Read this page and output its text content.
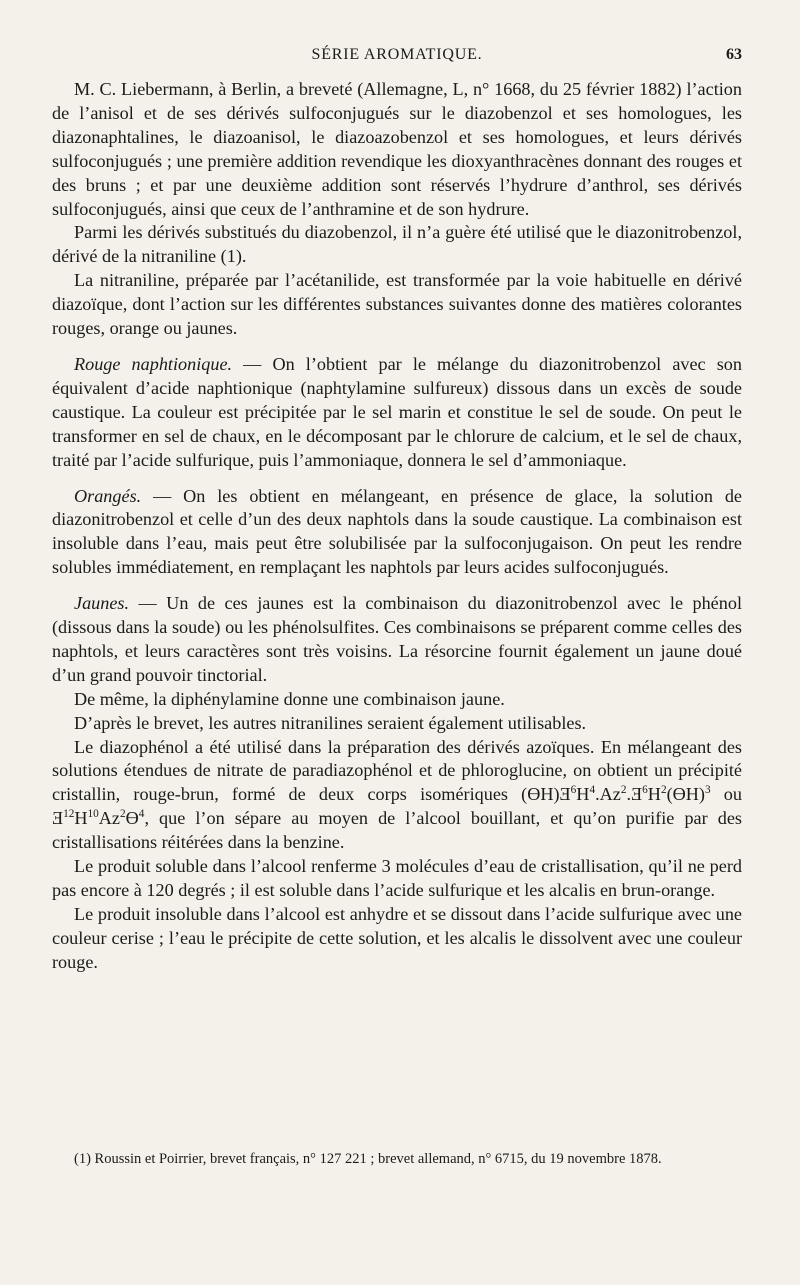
SÉRIE AROMATIQUE.	63

M. C. Liebermann, à Berlin, a breveté (Allemagne, L, n° 1668, du 25 février 1882) l’action de l’anisol et de ses dérivés sulfoconjugués sur le diazobenzol et ses homologues, les diazonaphtalines, le diazoanisol, le diazoazobenzol et ses homologues, et leurs dérivés sulfoconjugués ; une première addition revendique les dioxyanthracènes donnant des rouges et des bruns ; et par une deuxième addition sont réservés l’hydrure d’anthrol, ses dérivés sulfoconjugués, ainsi que ceux de l’anthramine et de son hydrure.

Parmi les dérivés substitués du diazobenzol, il n’a guère été utilisé que le diazonitrobenzol, dérivé de la nitraniline (1).

La nitraniline, préparée par l’acétanilide, est transformée par la voie habituelle en dérivé diazoïque, dont l’action sur les différentes substances suivantes donne des matières colorantes rouges, orange ou jaunes.

Rouge naphtionique. — On l’obtient par le mélange du diazonitrobenzol avec son équivalent d’acide naphtionique (naphtylamine sulfureux) dissous dans un excès de soude caustique. La couleur est précipitée par le sel marin et constitue le sel de soude. On peut le transformer en sel de chaux, en le décomposant par le chlorure de calcium, et le sel de chaux, traité par l’acide sulfurique, puis l’ammoniaque, donnera le sel d’ammoniaque.

Orangés. — On les obtient en mélangeant, en présence de glace, la solution de diazonitrobenzol et celle d’un des deux naphtols dans la soude caustique. La combinaison est insoluble dans l’eau, mais peut être solubilisée par la sulfoconjugaison. On peut les rendre solubles immédiatement, en remplaçant les naphtols par leurs acides sulfoconjugués.

Jaunes. — Un de ces jaunes est la combinaison du diazonitrobenzol avec le phénol (dissous dans la soude) ou les phénolsulfites. Ces combinaisons se préparent comme celles des naphtols, et leurs caractères sont très voisins. La résorcine fournit également un jaune doué d’un grand pouvoir tinctorial.

De même, la diphénylamine donne une combinaison jaune.

D’après le brevet, les autres nitranilines seraient également utilisables.

Le diazophénol a été utilisé dans la préparation des dérivés azoïques. En mélangeant des solutions étendues de nitrate de paradiazophénol et de phloroglucine, on obtient un précipité cristallin, rouge-brun, formé de deux corps isomériques $(ӨH)Ǝ^6H^4.Az^2.Ǝ^6H^2(ӨH)^3$ ou $Ǝ^{12}H^{10}Az^2Ө^4$, que l’on sépare au moyen de l’alcool bouillant, et qu’on purifie par des cristallisations réitérées dans la benzine.

Le produit soluble dans l’alcool renferme 3 molécules d’eau de cristallisation, qu’il ne perd pas encore à 120 degrés ; il est soluble dans l’acide sulfurique et les alcalis en brun-orange.

Le produit insoluble dans l’alcool est anhydre et se dissout dans l’acide sulfurique avec une couleur cerise ; l’eau le précipite de cette solution, et les alcalis le dissolvent avec une couleur rouge.

(1) Roussin et Poirrier, brevet français, n° 127 221 ; brevet allemand, n° 6715, du 19 novembre 1878.
